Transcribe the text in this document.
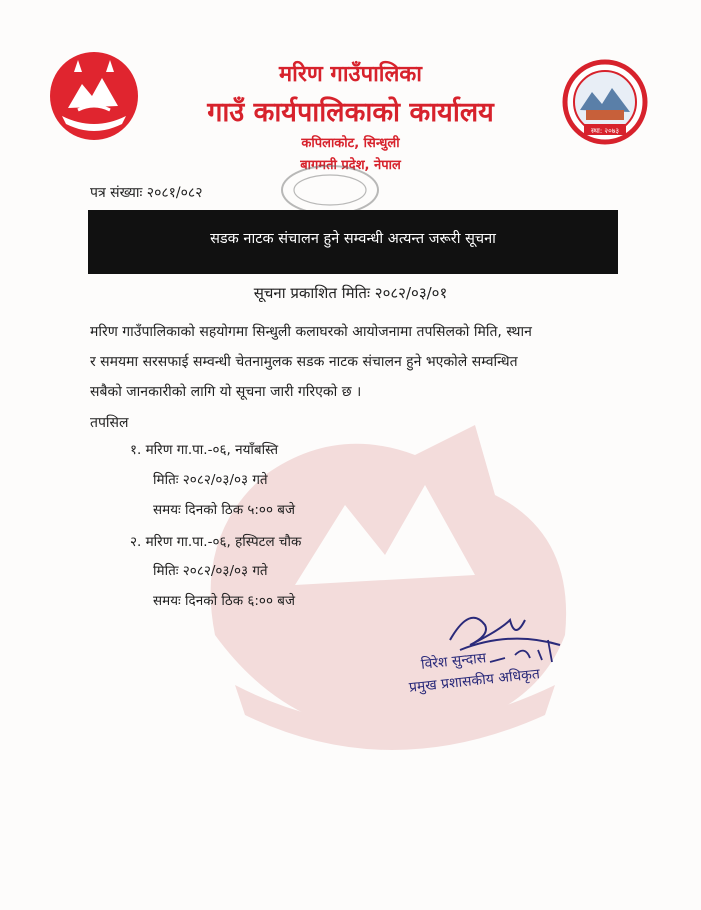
स्था: २०७३
मरिण गाउँपालिका
गाउँ कार्यपालिकाको कार्यालय
कपिलाकोट, सिन्धुली
बागमती प्रदेश, नेपाल
पत्र संख्याः २०८१/०८२
सडक नाटक संचालन हुने सम्वन्धी अत्यन्त जरूरी सूचना
सूचना प्रकाशित मितिः २०८२/०३/०१
मरिण गाउँपालिकाको सहयोगमा सिन्धुली कलाघरको आयोजनामा तपसिलको मिति, स्थान
र समयमा सरसफाई सम्वन्धी चेतनामुलक सडक नाटक संचालन हुने भएकोले सम्वन्धित
सबैको जानकारीको लागि यो सूचना जारी गरिएको छ ।
तपसिल
१. मरिण गा.पा.-०६, नयाँबस्ति
मितिः २०८२/०३/०३ गते
समयः दिनको ठिक ५:०० बजे
२. मरिण गा.पा.-०६, हस्पिटल चौक
मितिः २०८२/०३/०३ गते
समयः दिनको ठिक ६:०० बजे
विरेश सुन्दास
प्रमुख प्रशासकीय अधिकृत
